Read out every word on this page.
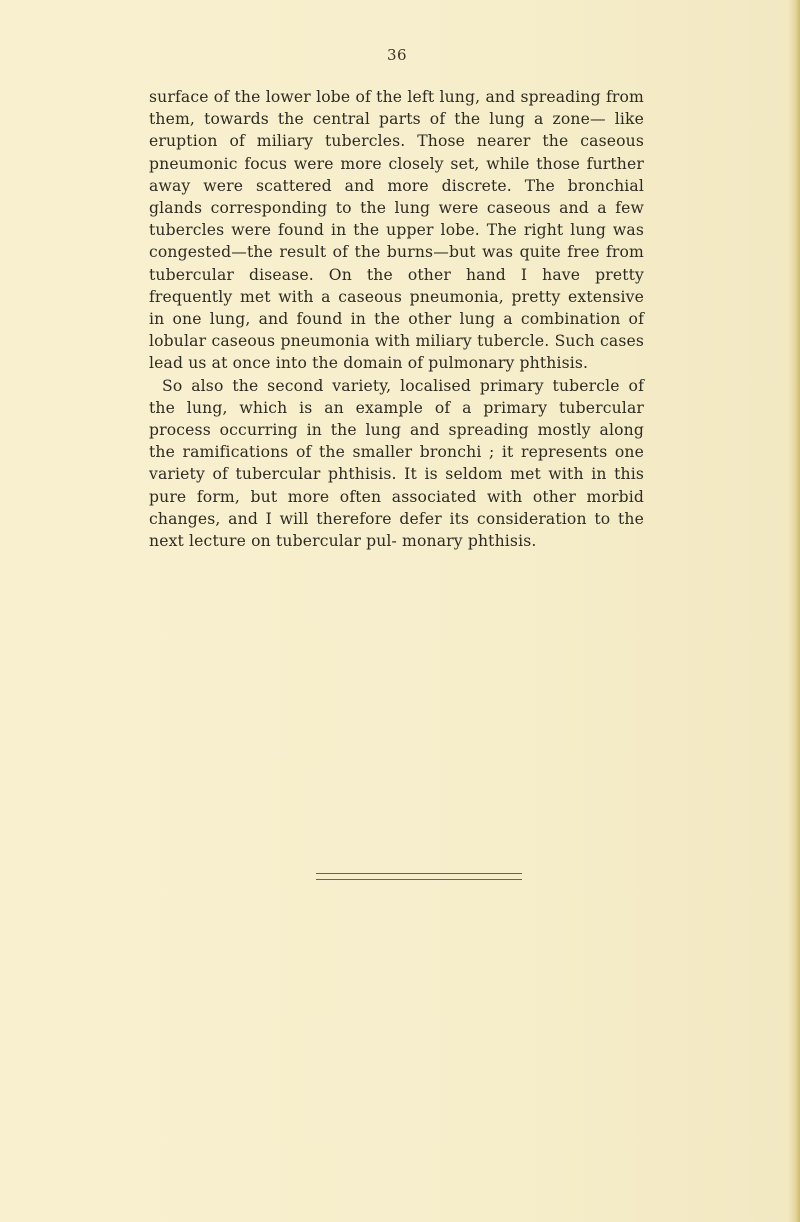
36

surface of the lower lobe of the left lung, and spreading from them, towards the central parts of the lung a zone— like eruption of miliary tubercles. Those nearer the caseous pneumonic focus were more closely set, while those further away were scattered and more discrete. The bronchial glands corresponding to the lung were caseous and a few tubercles were found in the upper lobe. The right lung was congested—the result of the burns—but was quite free from tubercular disease. On the other hand I have pretty frequently met with a caseous pneumonia, pretty extensive in one lung, and found in the other lung a combination of lobular caseous pneumonia with miliary tubercle. Such cases lead us at once into the domain of pulmonary phthisis.

So also the second variety, localised primary tubercle of the lung, which is an example of a primary tubercular process occurring in the lung and spreading mostly along the ramifications of the smaller bronchi ; it represents one variety of tubercular phthisis. It is seldom met with in this pure form, but more often associated with other morbid changes, and I will therefore defer its consideration to the next lecture on tubercular pul- monary phthisis.
